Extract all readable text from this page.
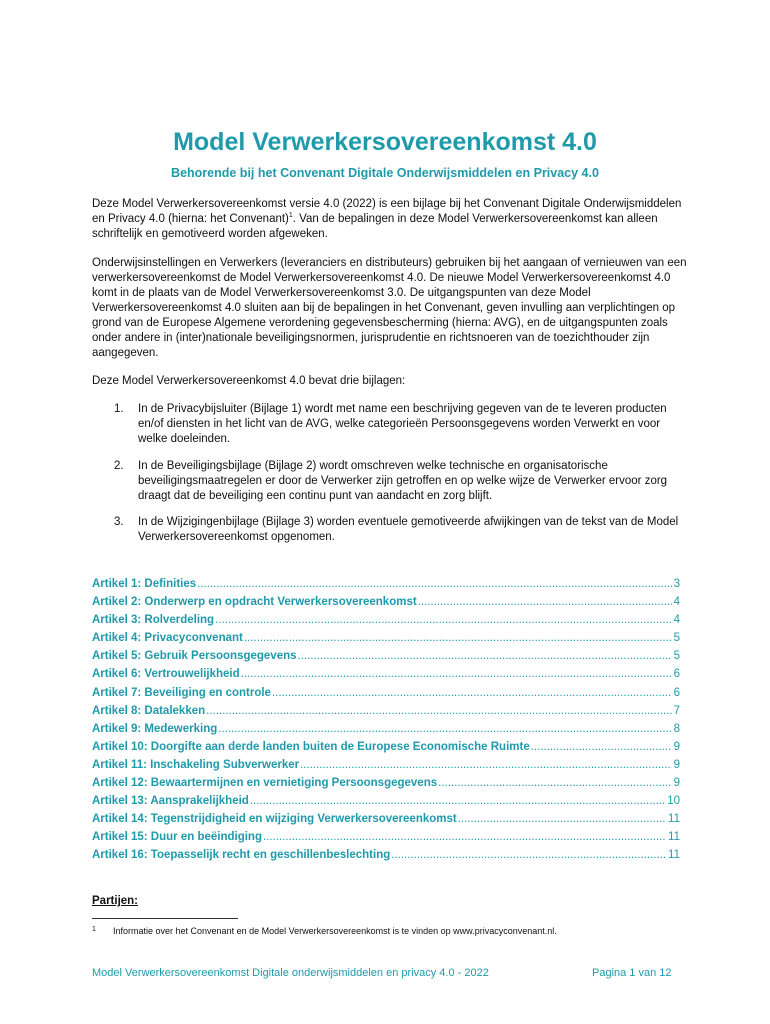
Model Verwerkersovereenkomst 4.0
Behorende bij het Convenant Digitale Onderwijsmiddelen en Privacy 4.0

Deze Model Verwerkersovereenkomst versie 4.0 (2022) is een bijlage bij het Convenant Digitale Onderwijsmiddelen en Privacy 4.0 (hierna: het Convenant)$^1$. Van de bepalingen in deze Model Verwerkersovereenkomst kan alleen schriftelijk en gemotiveerd worden afgeweken.

Onderwijsinstellingen en Verwerkers (leveranciers en distributeurs) gebruiken bij het aangaan of vernieuwen van een verwerkersovereenkomst de Model Verwerkersovereenkomst 4.0. De nieuwe Model Verwerkersovereenkomst 4.0 komt in de plaats van de Model Verwerkersovereenkomst 3.0. De uitgangspunten van deze Model Verwerkersovereenkomst 4.0 sluiten aan bij de bepalingen in het Convenant, geven invulling aan verplichtingen op grond van de Europese Algemene verordening gegevensbescherming (hierna: AVG), en de uitgangspunten zoals onder andere in (inter)nationale beveiligingsnormen, jurisprudentie en richtsnoeren van de toezichthouder zijn aangegeven.

Deze Model Verwerkersovereenkomst 4.0 bevat drie bijlagen:

1. In de Privacybijsluiter (Bijlage 1) wordt met name een beschrijving gegeven van de te leveren producten en/of diensten in het licht van de AVG, welke categorieën Persoonsgegevens worden Verwerkt en voor welke doeleinden.
2. In de Beveiligingsbijlage (Bijlage 2) wordt omschreven welke technische en organisatorische beveiligingsmaatregelen er door de Verwerker zijn getroffen en op welke wijze de Verwerker ervoor zorg draagt dat de beveiliging een continu punt van aandacht en zorg blijft.
3. In de Wijzigingenbijlage (Bijlage 3) worden eventuele gemotiveerde afwijkingen van de tekst van de Model Verwerkersovereenkomst opgenomen.
Artikel 1: Definities .....	3
Artikel 2: Onderwerp en opdracht Verwerkersovereenkomst .....	4
Artikel 3: Rolverdeling .....	4
Artikel 4: Privacyconvenant .....	5
Artikel 5: Gebruik Persoonsgegevens .....	5
Artikel 6: Vertrouwelijkheid .....	6
Artikel 7: Beveiliging en controle .....	6
Artikel 8: Datalekken .....	7
Artikel 9: Medewerking .....	8
Artikel 10: Doorgifte aan derde landen buiten de Europese Economische Ruimte .....	9
Artikel 11: Inschakeling Subverwerker .....	9
Artikel 12: Bewaartermijnen en vernietiging Persoonsgegevens .....	9
Artikel 13: Aansprakelijkheid .....	10
Artikel 14: Tegenstrijdigheid en wijziging Verwerkersovereenkomst .....	11
Artikel 15: Duur en beëindiging .....	11
Artikel 16: Toepasselijk recht en geschillenbeslechting .....	11
Partijen:
1 Informatie over het Convenant en de Model Verwerkersovereenkomst is te vinden op www.privacyconvenant.nl.
Model Verwerkersovereenkomst Digitale onderwijsmiddelen en privacy 4.0 - 2022	Pagina 1 van 12
